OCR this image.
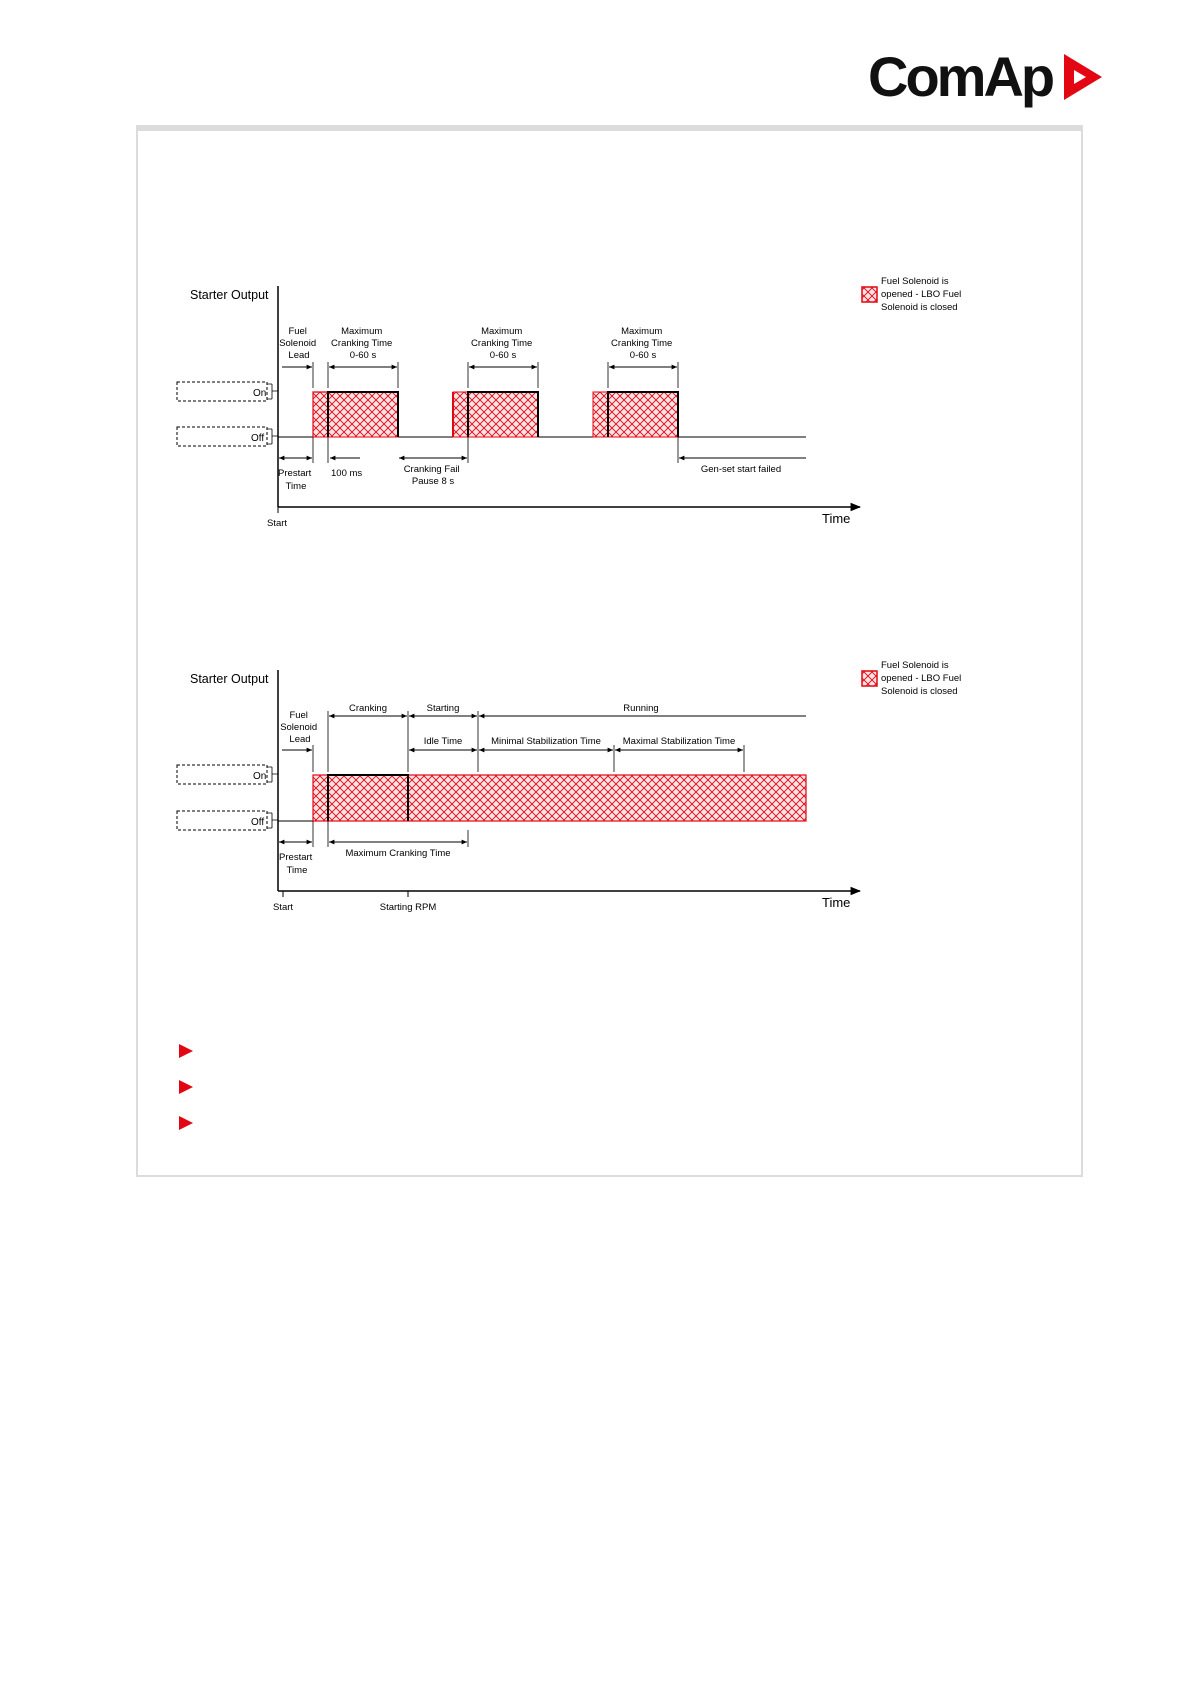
ComAp
Starter Output
On
Off
Fuel Solenoid Lead
Maximum Cranking Time 0-60 s
Maximum Cranking Time 0-60 s
Maximum Cranking Time 0-60 s
Prestart Time
100 ms	Cranking Fail Pause 8 s
Gen-set start failed
Start	Time
Fuel Solenoid is opened - LBO Fuel Solenoid is closed
Starter Output
On
Off
Fuel Solenoid Lead
Cranking	Starting	Running
Idle Time	Minimal Stabilization Time Maximal Stabilization Time
Prestart Time
Maximum Cranking Time
Start	Starting RPM	Time
Fuel Solenoid is opened - LBO Fuel Solenoid is closed
